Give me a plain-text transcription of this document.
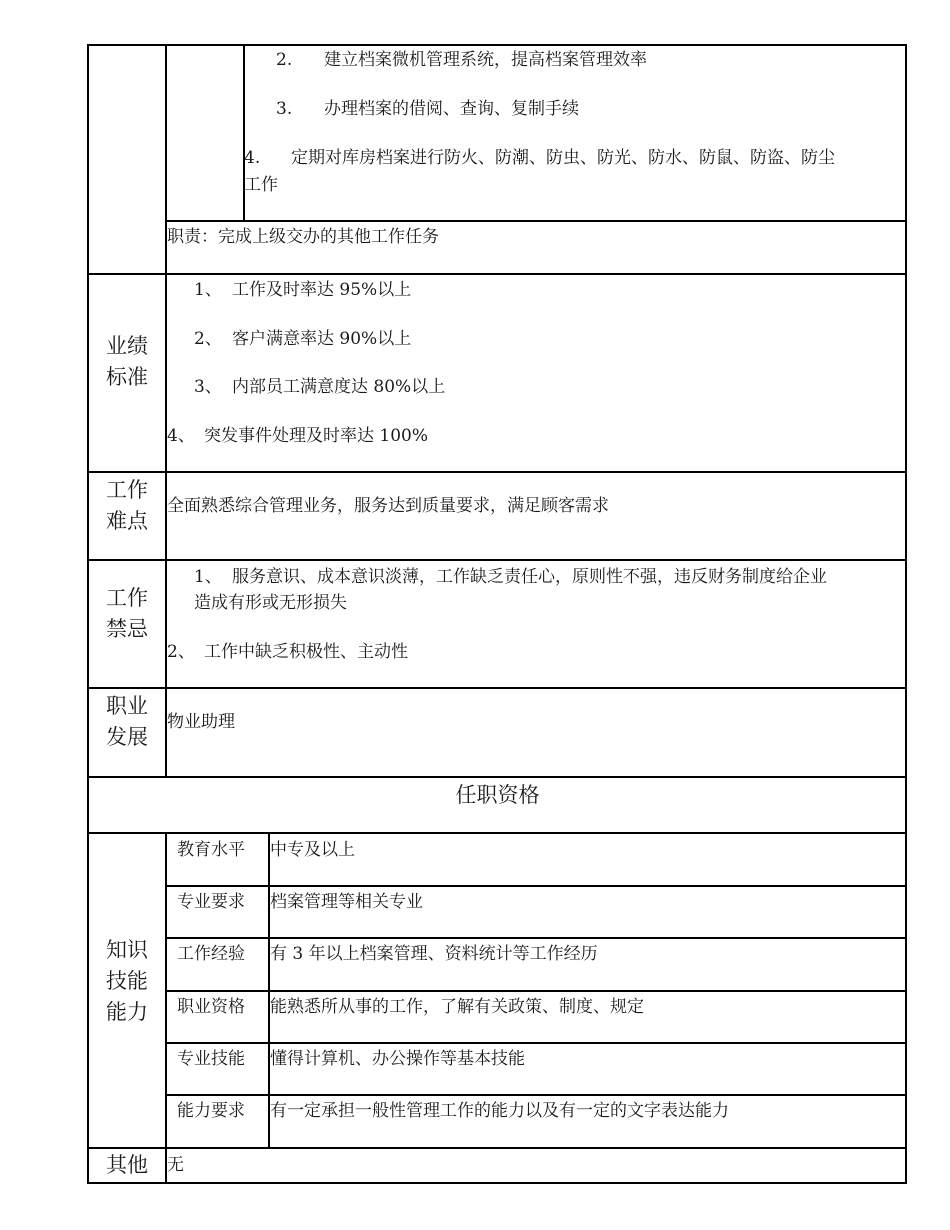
2. 建立档案微机管理系统，提高档案管理效率
3. 办理档案的借阅、查询、复制手续
4. 定期对库房档案进行防火、防潮、防虫、防光、防水、防鼠、防盗、防尘
工作
职责：完成上级交办的其他工作任务
业绩
标准
1、 工作及时率达 95%以上
2、 客户满意率达 90%以上
3、 内部员工满意度达 80%以上
4、 突发事件处理及时率达 100%
工作
难点
全面熟悉综合管理业务，服务达到质量要求，满足顾客需求
工作
禁忌
1、 服务意识、成本意识淡薄，工作缺乏责任心，原则性不强，违反财务制度给企业
造成有形或无形损失
2、 工作中缺乏积极性、主动性
职业
发展
物业助理
任职资格
知识
技能
能力
教育水平 中专及以上
专业要求 档案管理等相关专业
工作经验 有 3 年以上档案管理、资料统计等工作经历
职业资格 能熟悉所从事的工作，了解有关政策、制度、规定
专业技能 懂得计算机、办公操作等基本技能
能力要求 有一定承担一般性管理工作的能力以及有一定的文字表达能力
其他	无
